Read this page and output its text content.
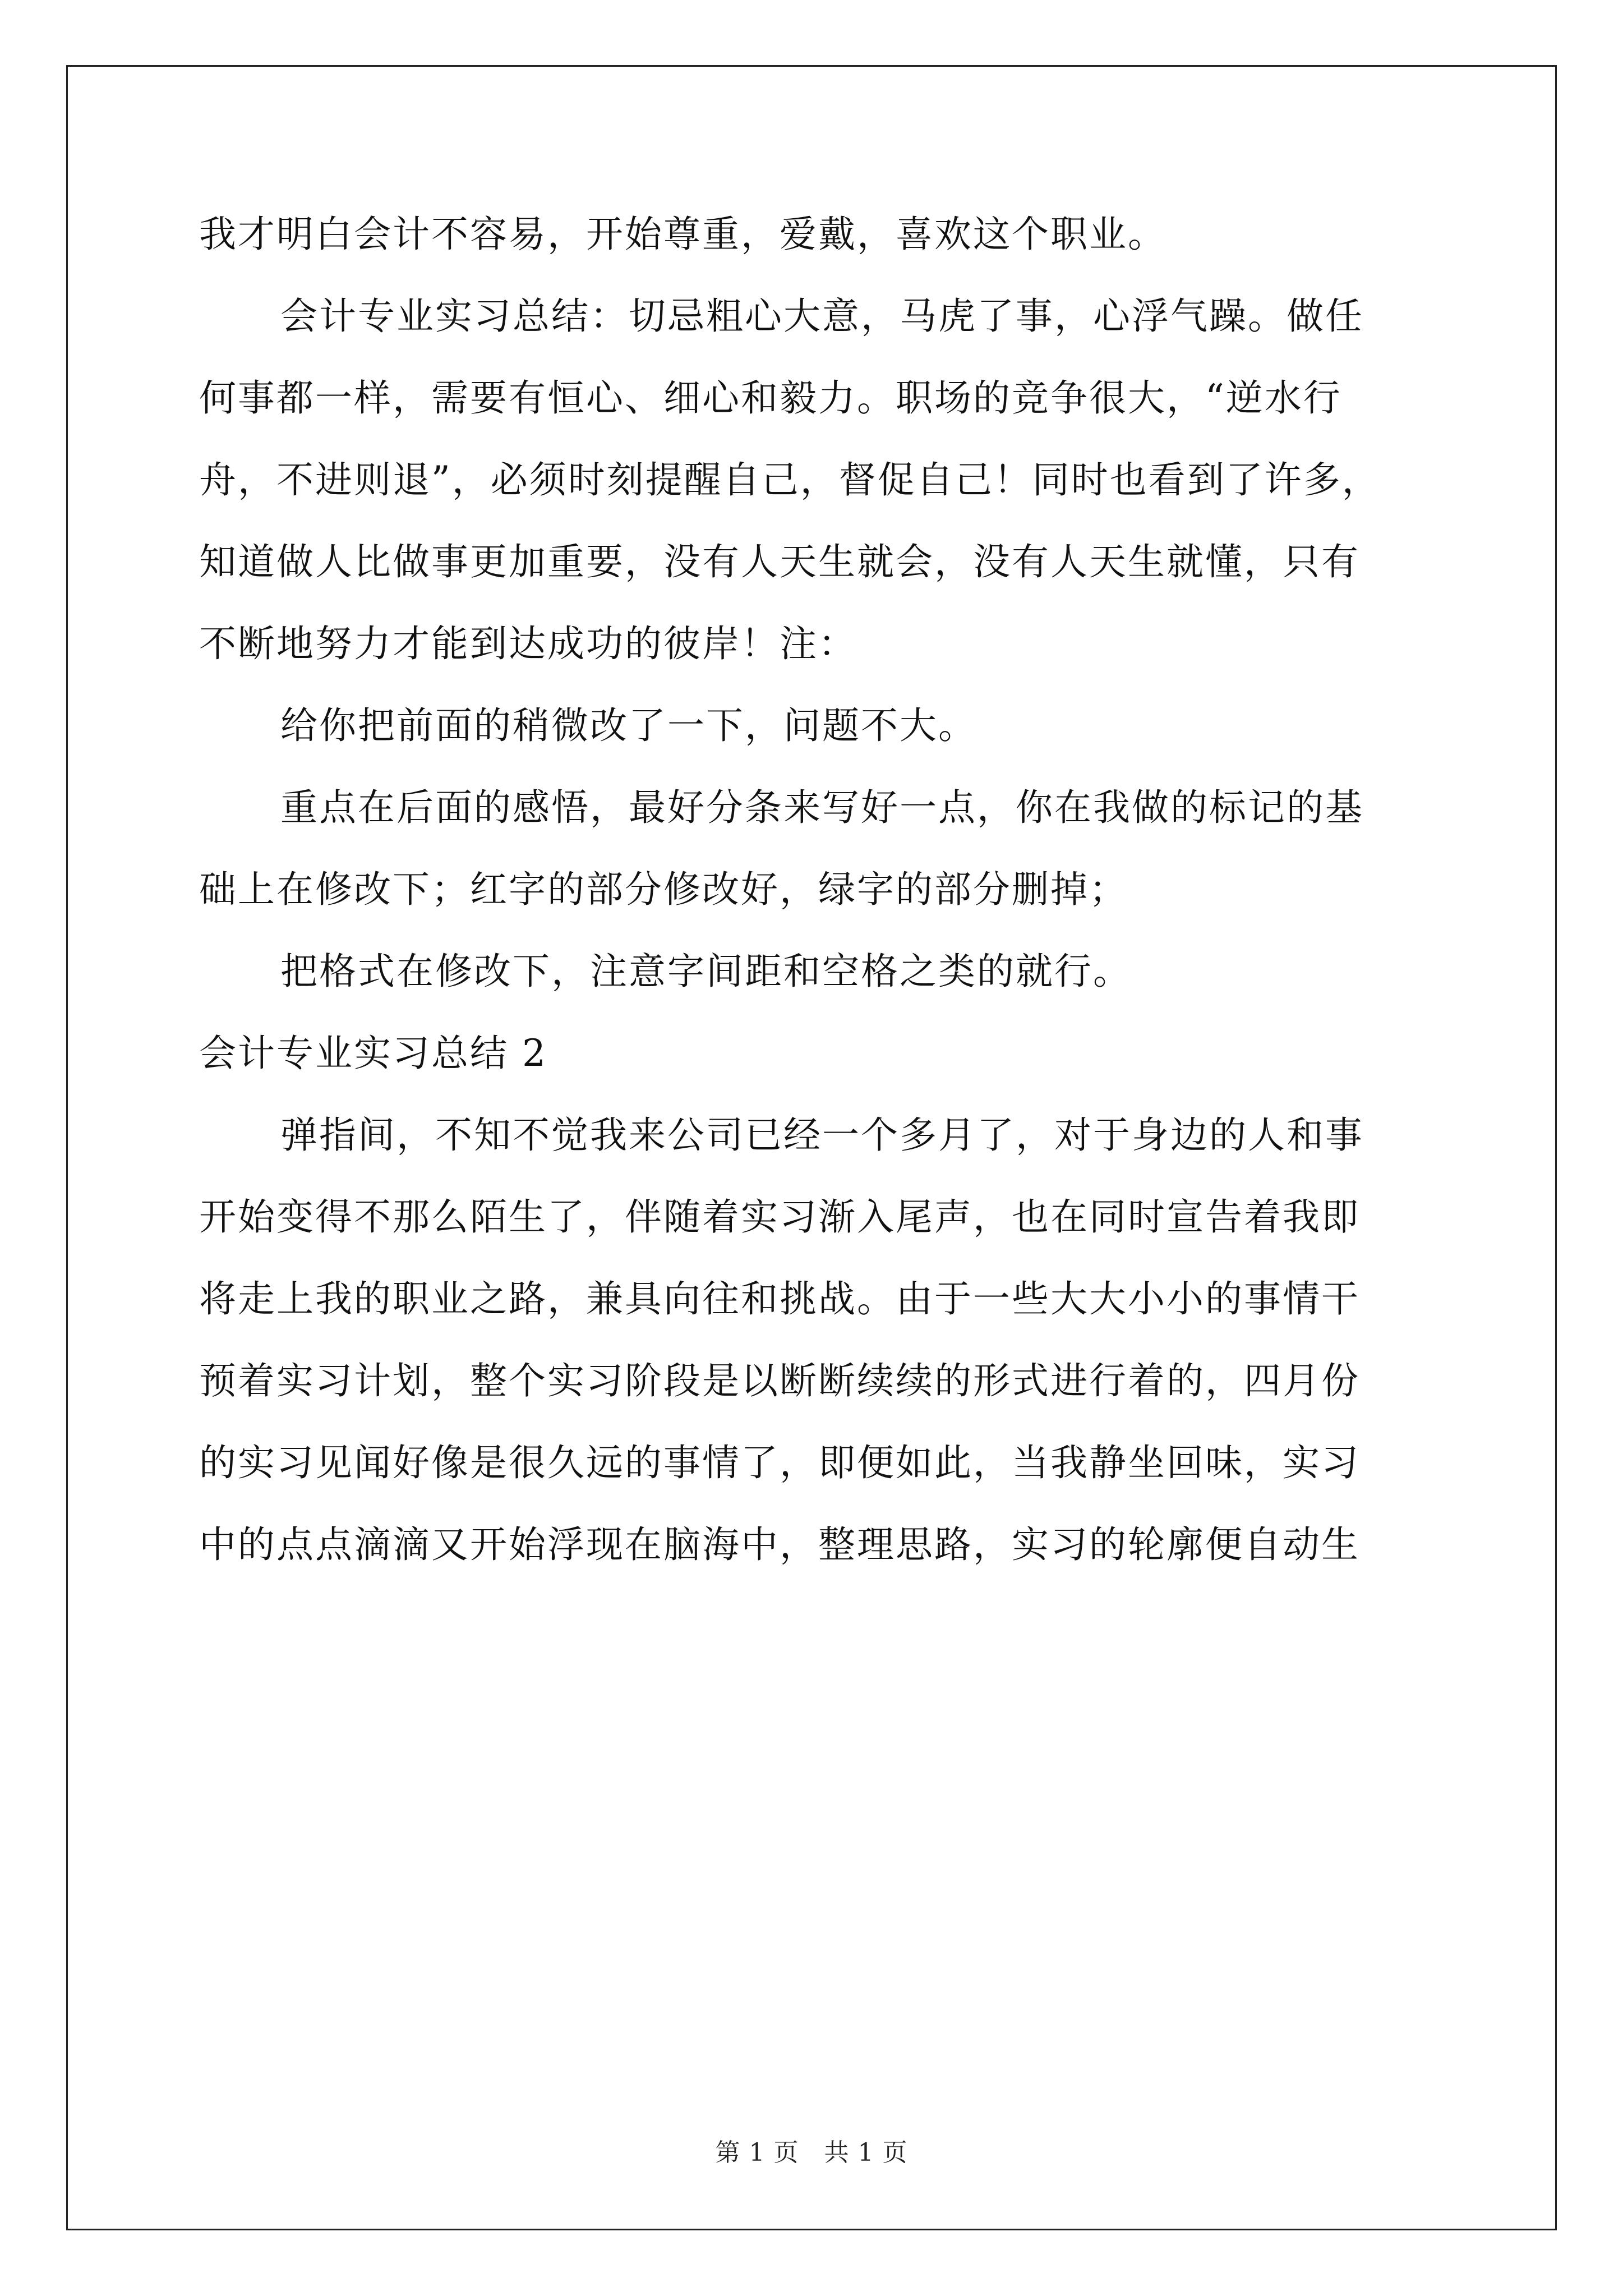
我才明白会计不容易，开始尊重，爱戴，喜欢这个职业。
会计专业实习总结：切忌粗心大意，马虎了事，心浮气躁。做任
何事都一样，需要有恒心、细心和毅力。职场的竞争很大，“逆水行
舟，不进则退”，必须时刻提醒自己，督促自己！同时也看到了许多，
知道做人比做事更加重要，没有人天生就会，没有人天生就懂，只有
不断地努力才能到达成功的彼岸！注：
给你把前面的稍微改了一下，问题不大。
重点在后面的感悟，最好分条来写好一点，你在我做的标记的基
础上在修改下；红字的部分修改好，绿字的部分删掉；
把格式在修改下，注意字间距和空格之类的就行。
会计专业实习总结 2
弹指间，不知不觉我来公司已经一个多月了，对于身边的人和事
开始变得不那么陌生了，伴随着实习渐入尾声，也在同时宣告着我即
将走上我的职业之路，兼具向往和挑战。由于一些大大小小的事情干
预着实习计划，整个实习阶段是以断断续续的形式进行着的，四月份
的实习见闻好像是很久远的事情了，即便如此，当我静坐回味，实习
中的点点滴滴又开始浮现在脑海中，整理思路，实习的轮廓便自动生
第 1 页　共 1 页
